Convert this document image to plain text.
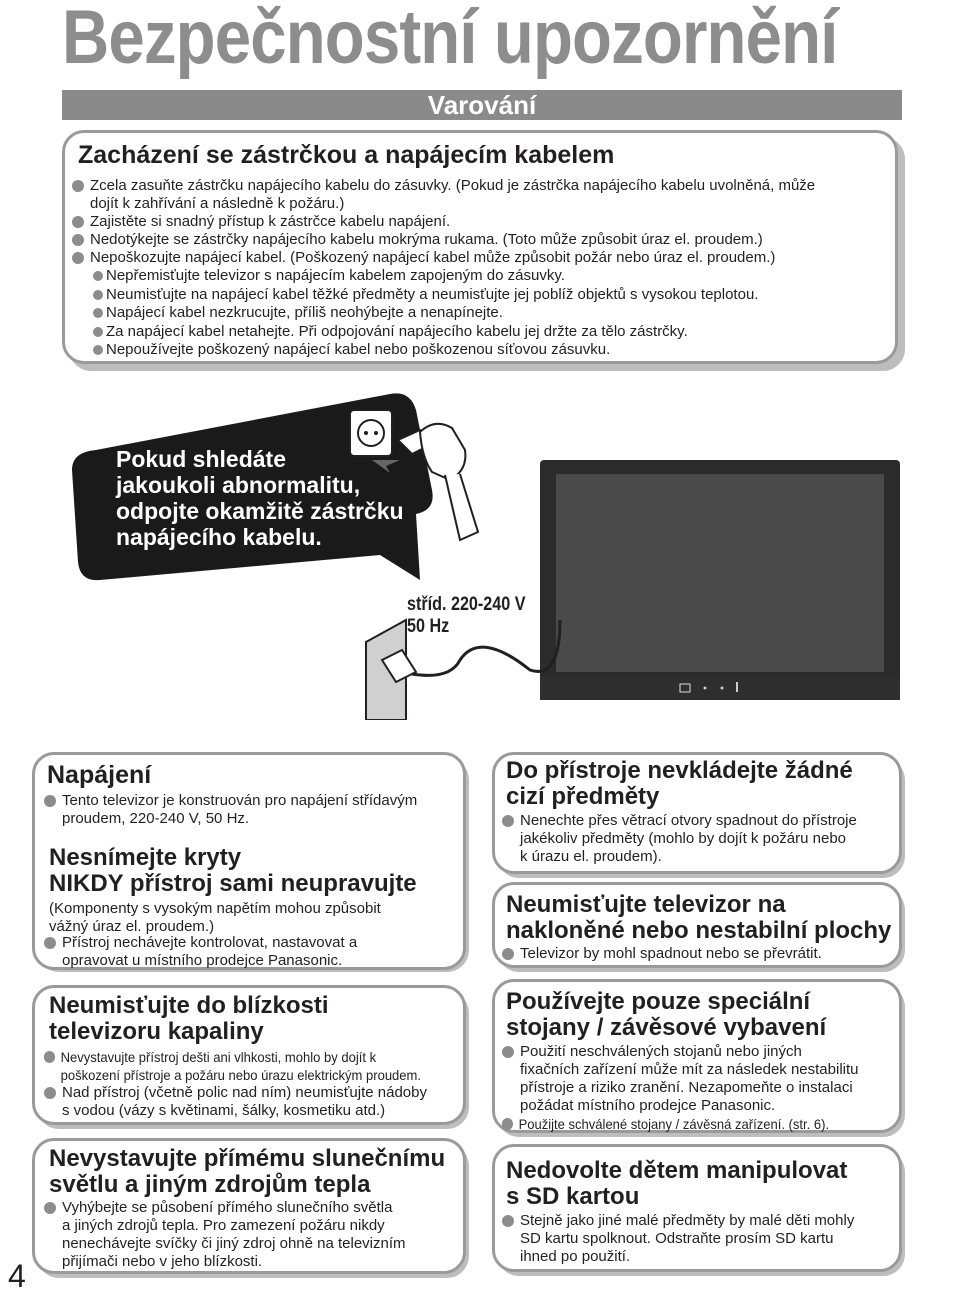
Bezpečnostní upozornění
Varování
Zacházení se zástrčkou a napájecím kabelem
Zcela zasuňte zástrčku napájecího kabelu do zásuvky. (Pokud je zástrčka napájecího kabelu uvolněná, může
dojít k zahřívání a následně k požáru.)
Zajistěte si snadný přístup k zástrčce kabelu napájení.
Nedotýkejte se zástrčky napájecího kabelu mokrýma rukama. (Toto může způsobit úraz el. proudem.)
Nepoškozujte napájecí kabel. (Poškozený napájecí kabel může způsobit požár nebo úraz el. proudem.)
Nepřemisťujte televizor s napájecím kabelem zapojeným do zásuvky.
Neumisťujte na napájecí kabel těžké předměty a neumisťujte jej poblíž objektů s vysokou teplotou.
Napájecí kabel nezkrucujte, příliš neohýbejte a nenapínejte.
Za napájecí kabel netahejte. Při odpojování napájecího kabelu jej držte za tělo zástrčky.
Nepoužívejte poškozený napájecí kabel nebo poškozenou síťovou zásuvku.
Pokud shledáte
jakoukoli abnormalitu,
odpojte okamžitě zástrčku
napájecího kabelu.
stříd. 220-240 V
50 Hz
Napájení
Tento televizor je konstruován pro napájení střídavým
proudem, 220-240 V, 50 Hz.
Nesnímejte kryty
NIKDY přístroj sami neupravujte
(Komponenty s vysokým napětím mohou způsobit
vážný úraz el. proudem.)
Přístroj nechávejte kontrolovat, nastavovat a
opravovat u místního prodejce Panasonic.
Neumisťujte do blízkosti
televizoru kapaliny
Nevystavujte přístroj dešti ani vlhkosti, mohlo by dojít k
poškození přístroje a požáru nebo úrazu elektrickým proudem.
Nad přístroj (včetně polic nad ním) neumisťujte nádoby
s vodou (vázy s květinami, šálky, kosmetiku atd.)
Nevystavujte přímému slunečnímu
světlu a jiným zdrojům tepla
Vyhýbejte se působení přímého slunečního světla
a jiných zdrojů tepla. Pro zamezení požáru nikdy
nenechávejte svíčky či jiný zdroj ohně na televizním
přijímači nebo v jeho blízkosti.
Do přístroje nevkládejte žádné
cizí předměty
Nenechte přes větrací otvory spadnout do přístroje
jakékoliv předměty (mohlo by dojít k požáru nebo
k úrazu el. proudem).
Neumisťujte televizor na
nakloněné nebo nestabilní plochy
Televizor by mohl spadnout nebo se převrátit.
Používejte pouze speciální
stojany / závěsové vybavení
Použití neschválených stojanů nebo jiných
fixačních zařízení může mít za následek nestabilitu
přístroje a riziko zranění. Nezapomeňte o instalaci
požádat místního prodejce Panasonic.
Použijte schválené stojany / závěsná zařízení. (str. 6).
Nedovolte dětem manipulovat
s SD kartou
Stejně jako jiné malé předměty by malé děti mohly
SD kartu spolknout. Odstraňte prosím SD kartu
ihned po použití.
4
